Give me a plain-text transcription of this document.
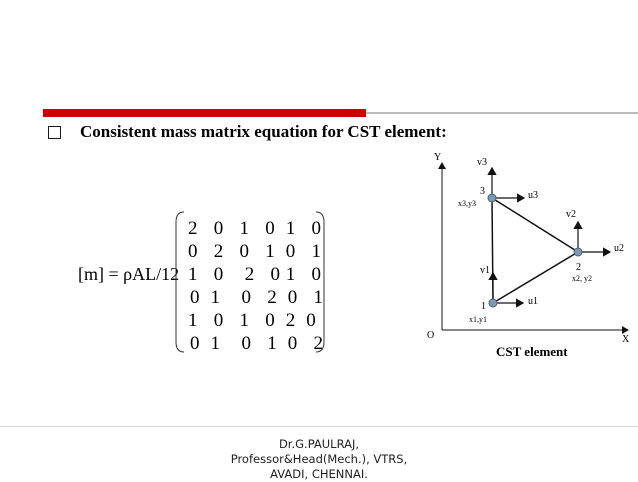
Consistent mass matrix equation for CST element:
[m] = ρAL/12
2   0   1   0  1   0
0   2   0   1  0   1
1   0    2   0 1   0
0  1    0   2  0   1
1   0   1   0  2  0
0  1    0   1  0   2
Y
X
O
v3
3
x3,y3
u3
v2
u2
2
x2, y2
v1
1
x1,y1
u1
CST element
Dr.G.PAULRAJ,
Professor&Head(Mech.), VTRS,
AVADI, CHENNAI.
